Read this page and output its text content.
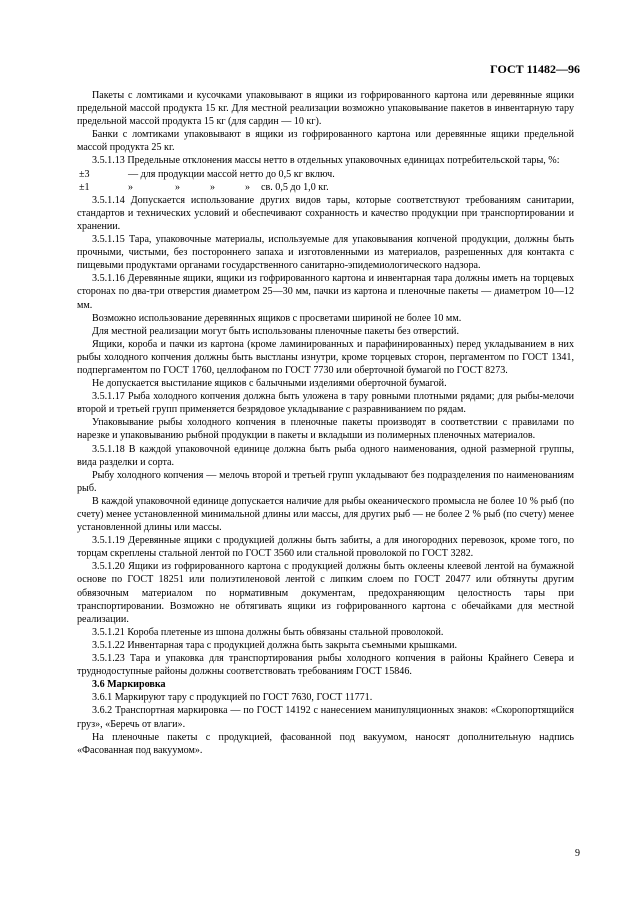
ГОСТ 11482—96

Пакеты с ломтиками и кусочками упаковывают в ящики из гофрированного картона или деревянные ящики предельной массой продукта 15 кг. Для местной реализации возможно упаковывание пакетов в инвентарную тару предельной массой продукта 15 кг (для сардин — 10 кг).

Банки с ломтиками упаковывают в ящики из гофрированного картона или деревянные ящики предельной массой продукта 25 кг.

3.5.1.13 Предельные отклонения массы нетто в отдельных упаковочных единицах потребительской тары, %:

±3	— для продукции массой нетто до 0,5 кг включ.

±1	»	»	»	»	св. 0,5 до 1,0 кг.

3.5.1.14 Допускается использование других видов тары, которые соответствуют требованиям санитарии, стандартов и технических условий и обеспечивают сохранность и качество продукции при транспортировании и хранении.

3.5.1.15 Тара, упаковочные материалы, используемые для упаковывания копченой продукции, должны быть прочными, чистыми, без постороннего запаха и изготовленными из материалов, разрешенных для контакта с пищевыми продуктами органами государственного санитарно-эпидемиологического надзора.

3.5.1.16 Деревянные ящики, ящики из гофрированного картона и инвентарная тара должны иметь на торцевых сторонах по два-три отверстия диаметром 25—30 мм, пачки из картона и пленочные пакеты — диаметром 10—12 мм.

Возможно использование деревянных ящиков с просветами шириной не более 10 мм.

Для местной реализации могут быть использованы пленочные пакеты без отверстий.

Ящики, короба и пачки из картона (кроме ламинированных и парафинированных) перед укладыванием в них рыбы холодного копчения должны быть выстланы изнутри, кроме торцевых сторон, пергаментом по ГОСТ 1341, подпергаментом по ГОСТ 1760, целлофаном по ГОСТ 7730 или оберточной бумагой по ГОСТ 8273.

Не допускается выстилание ящиков с балычными изделиями оберточной бумагой.

3.5.1.17 Рыба холодного копчения должна быть уложена в тару ровными плотными рядами; для рыбы-мелочи второй и третьей групп применяется безрядовое укладывание с разравниванием по рядам.

Упаковывание рыбы холодного копчения в пленочные пакеты производят в соответствии с правилами по нарезке и упаковыванию рыбной продукции в пакеты и вкладыши из полимерных пленочных материалов.

3.5.1.18 В каждой упаковочной единице должна быть рыба одного наименования, одной размерной группы, вида разделки и сорта.

Рыбу холодного копчения — мелочь второй и третьей групп укладывают без подразделения по наименованиям рыб.

В каждой упаковочной единице допускается наличие для рыбы океанического промысла не более 10 % рыб (по счету) менее установленной минимальной длины или массы, для других рыб — не более 2 % рыб (по счету) менее установленной длины или массы.

3.5.1.19 Деревянные ящики с продукцией должны быть забиты, а для иногородних перевозок, кроме того, по торцам скреплены стальной лентой по ГОСТ 3560 или стальной проволокой по ГОСТ 3282.

3.5.1.20 Ящики из гофрированного картона с продукцией должны быть оклеены клеевой лентой на бумажной основе по ГОСТ 18251 или полиэтиленовой лентой с липким слоем по ГОСТ 20477 или обтянуты другим обвязочным материалом по нормативным документам, предохраняющим целостность тары при транспортировании. Возможно не обтягивать ящики из гофрированного картона с обечайками для местной реализации.

3.5.1.21 Короба плетеные из шпона должны быть обвязаны стальной проволокой.

3.5.1.22 Инвентарная тара с продукцией должна быть закрыта съемными крышками.

3.5.1.23 Тара и упаковка для транспортирования рыбы холодного копчения в районы Крайнего Севера и труднодоступные районы должны соответствовать требованиям ГОСТ 15846.

3.6 Маркировка

3.6.1 Маркируют тару с продукцией по ГОСТ 7630, ГОСТ 11771.

3.6.2 Транспортная маркировка — по ГОСТ 14192 с нанесением манипуляционных знаков: «Скоропортящийся груз», «Беречь от влаги».

На пленочные пакеты с продукцией, фасованной под вакуумом, наносят дополнительную надпись «Фасованная под вакуумом».

9
